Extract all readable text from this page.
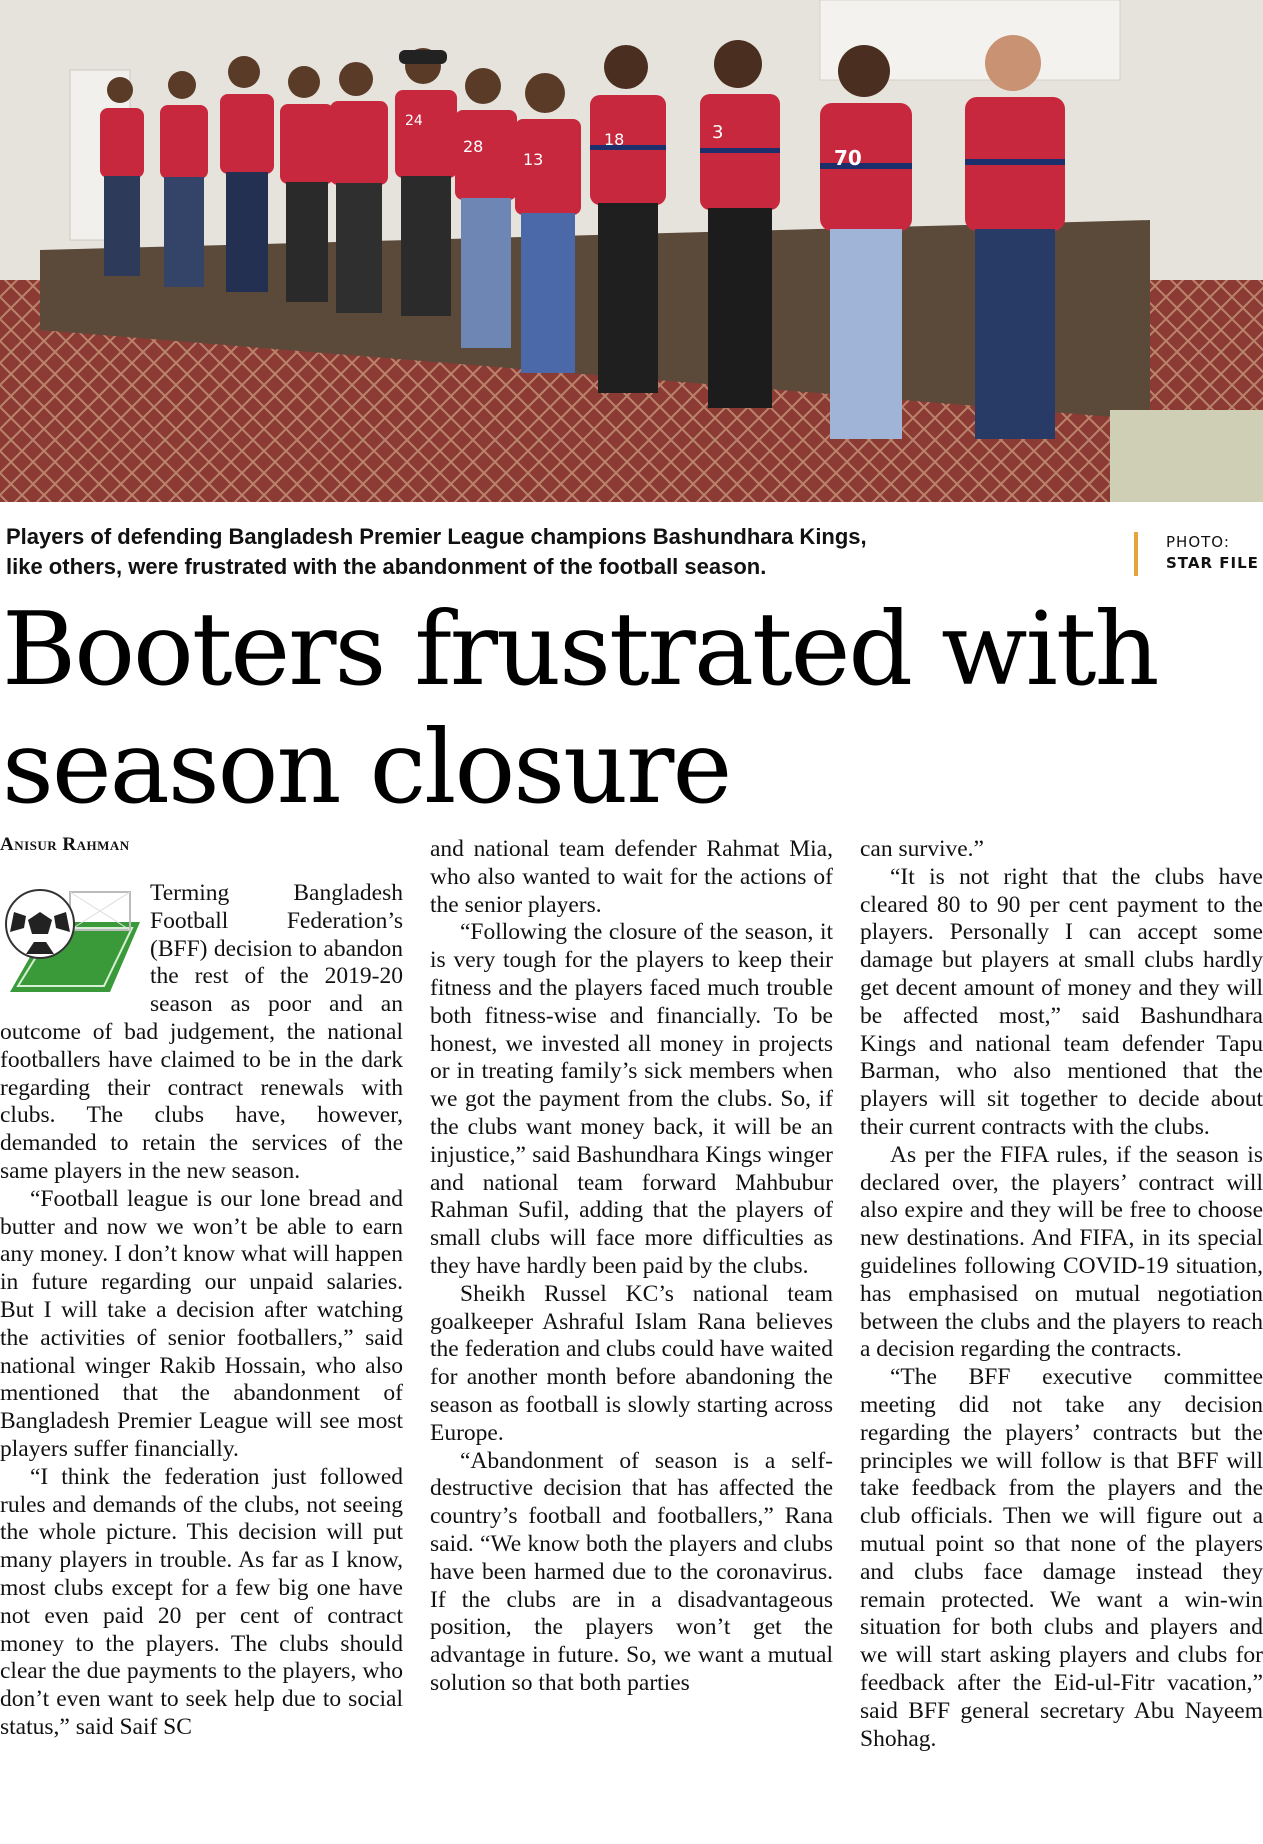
24
28
13
18	3
70
Players of defending Bangladesh Premier League champions Bashundhara Kings,
like others, were frustrated with the abandonment of the football season.
PHOTO:
STAR FILE
Booters frustrated with
season closure
Anisur Rahman

Terming Bangladesh Football Federation’s (BFF) decision to abandon the rest of the 2019-20 season as poor and an outcome of bad judgement, the national footballers have claimed to be in the dark regarding their contract renewals with clubs. The clubs have, however, demanded to retain the services of the same players in the new season.

“Football league is our lone bread and butter and now we won’t be able to earn any money. I don’t know what will happen in future regarding our unpaid salaries. But I will take a decision after watching the activities of senior footballers,” said national winger Rakib Hossain, who also mentioned that the abandonment of Bangladesh Premier League will see most players suffer financially.

“I think the federation just followed rules and demands of the clubs, not seeing the whole picture. This decision will put many players in trouble. As far as I know, most clubs except for a few big one have not even paid 20 per cent of contract money to the players. The clubs should clear the due payments to the players, who don’t even want to seek help due to social status,” said Saif SC

and national team defender Rahmat Mia, who also wanted to wait for the actions of the senior players.

“Following the closure of the season, it is very tough for the players to keep their fitness and the players faced much trouble both fitness-wise and financially. To be honest, we invested all money in projects or in treating family’s sick members when we got the payment from the clubs. So, if the clubs want money back, it will be an injustice,” said Bashundhara Kings winger and national team forward Mahbubur Rahman Sufil, adding that the players of small clubs will face more difficulties as they have hardly been paid by the clubs.

Sheikh Russel KC’s national team goalkeeper Ashraful Islam Rana believes the federation and clubs could have waited for another month before abandoning the season as football is slowly starting across Europe.

“Abandonment of season is a self-destructive decision that has affected the country’s football and footballers,” Rana said. “We know both the players and clubs have been harmed due to the coronavirus. If the clubs are in a disadvantageous position, the players won’t get the advantage in future. So, we want a mutual solution so that both parties

can survive.”

“It is not right that the clubs have cleared 80 to 90 per cent payment to the players. Personally I can accept some damage but players at small clubs hardly get decent amount of money and they will be affected most,” said Bashundhara Kings and national team defender Tapu Barman, who also mentioned that the players will sit together to decide about their current contracts with the clubs.

As per the FIFA rules, if the season is declared over, the players’ contract will also expire and they will be free to choose new destinations. And FIFA, in its special guidelines following COVID-19 situation, has emphasised on mutual negotiation between the clubs and the players to reach a decision regarding the contracts.

“The BFF executive committee meeting did not take any decision regarding the players’ contracts but the principles we will follow is that BFF will take feedback from the players and the club officials. Then we will figure out a mutual point so that none of the players and clubs face damage instead they remain protected. We want a win-win situation for both clubs and players and we will start asking players and clubs for feedback after the Eid-ul-Fitr vacation,” said BFF general secretary Abu Nayeem Shohag.
